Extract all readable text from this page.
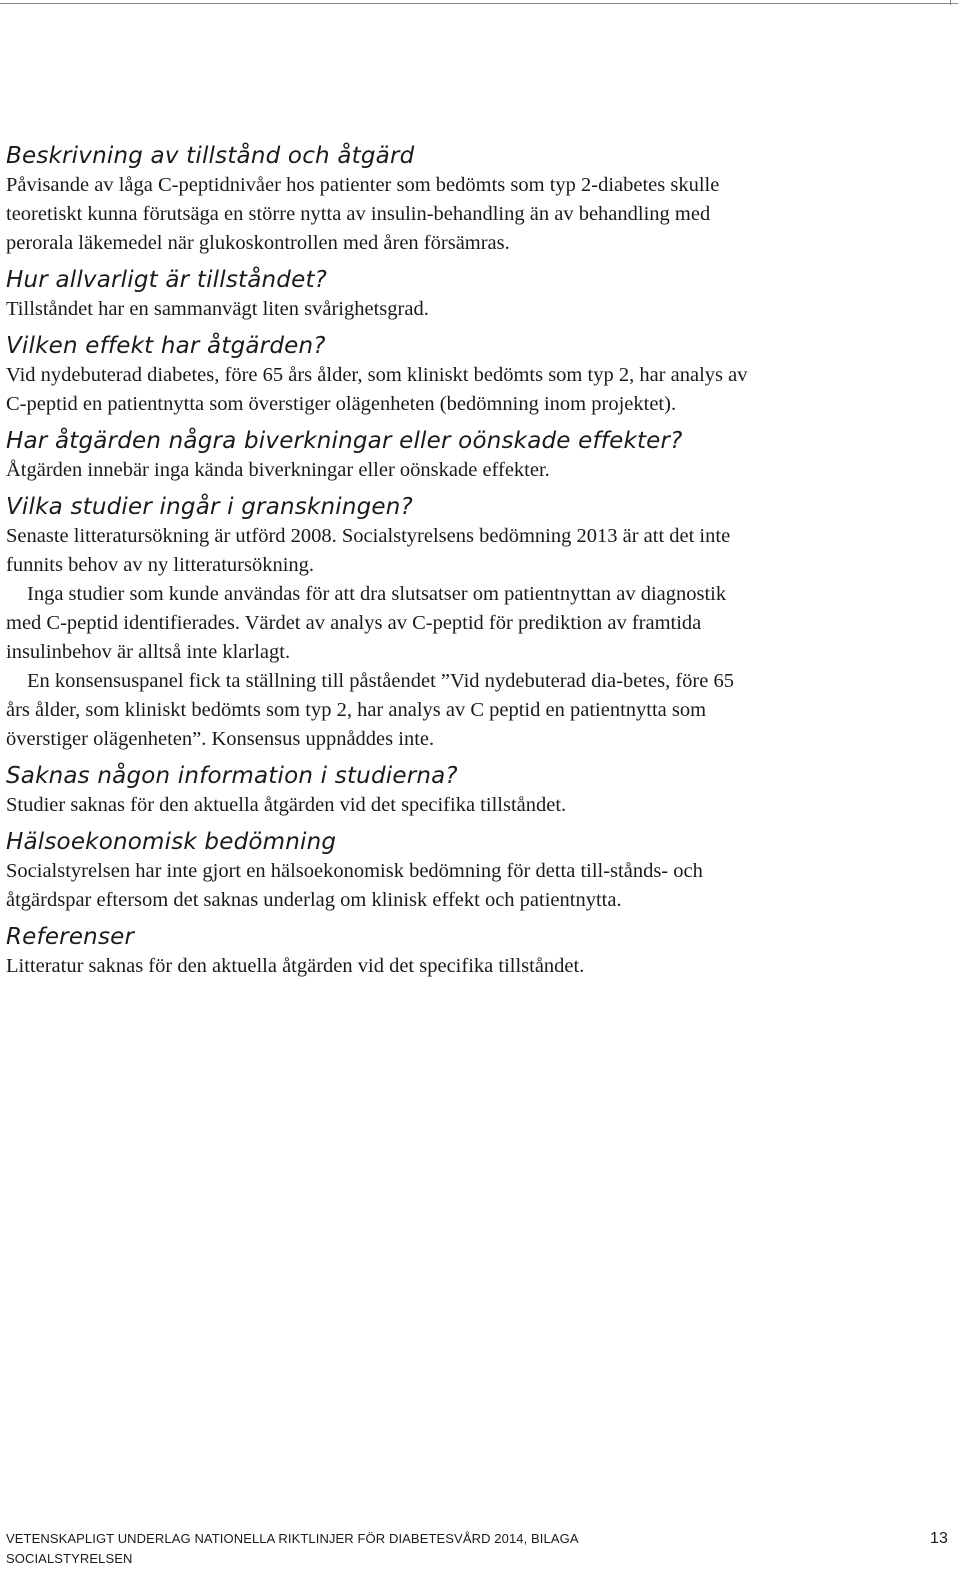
Beskrivning av tillstånd och åtgärd

Påvisande av låga C-peptidnivåer hos patienter som bedömts som typ 2-diabetes skulle teoretiskt kunna förutsäga en större nytta av insulin-behandling än av behandling med perorala läkemedel när glukoskontrollen med åren försämras.

Hur allvarligt är tillståndet?

Tillståndet har en sammanvägt liten svårighetsgrad.

Vilken effekt har åtgärden?

Vid nydebuterad diabetes, före 65 års ålder, som kliniskt bedömts som typ 2, har analys av C-peptid en patientnytta som överstiger olägenheten (bedömning inom projektet).

Har åtgärden några biverkningar eller oönskade effekter?

Åtgärden innebär inga kända biverkningar eller oönskade effekter.

Vilka studier ingår i granskningen?

Senaste litteratursökning är utförd 2008. Socialstyrelsens bedömning 2013 är att det inte funnits behov av ny litteratursökning.

Inga studier som kunde användas för att dra slutsatser om patientnyttan av diagnostik med C-peptid identifierades. Värdet av analys av C-peptid för prediktion av framtida insulinbehov är alltså inte klarlagt.

En konsensuspanel fick ta ställning till påståendet ”Vid nydebuterad dia-betes, före 65 års ålder, som kliniskt bedömts som typ 2, har analys av C peptid en patientnytta som överstiger olägenheten”. Konsensus uppnåddes inte.

Saknas någon information i studierna?

Studier saknas för den aktuella åtgärden vid det specifika tillståndet.

Hälsoekonomisk bedömning

Socialstyrelsen har inte gjort en hälsoekonomisk bedömning för detta till-stånds- och åtgärdspar eftersom det saknas underlag om klinisk effekt och patientnytta.

Referenser

Litteratur saknas för den aktuella åtgärden vid det specifika tillståndet.

VETENSKAPLIGT UNDERLAG NATIONELLA RIKTLINJER FÖR DIABETESVÅRD 2014, BILAGA	13
SOCIALSTYRELSEN
